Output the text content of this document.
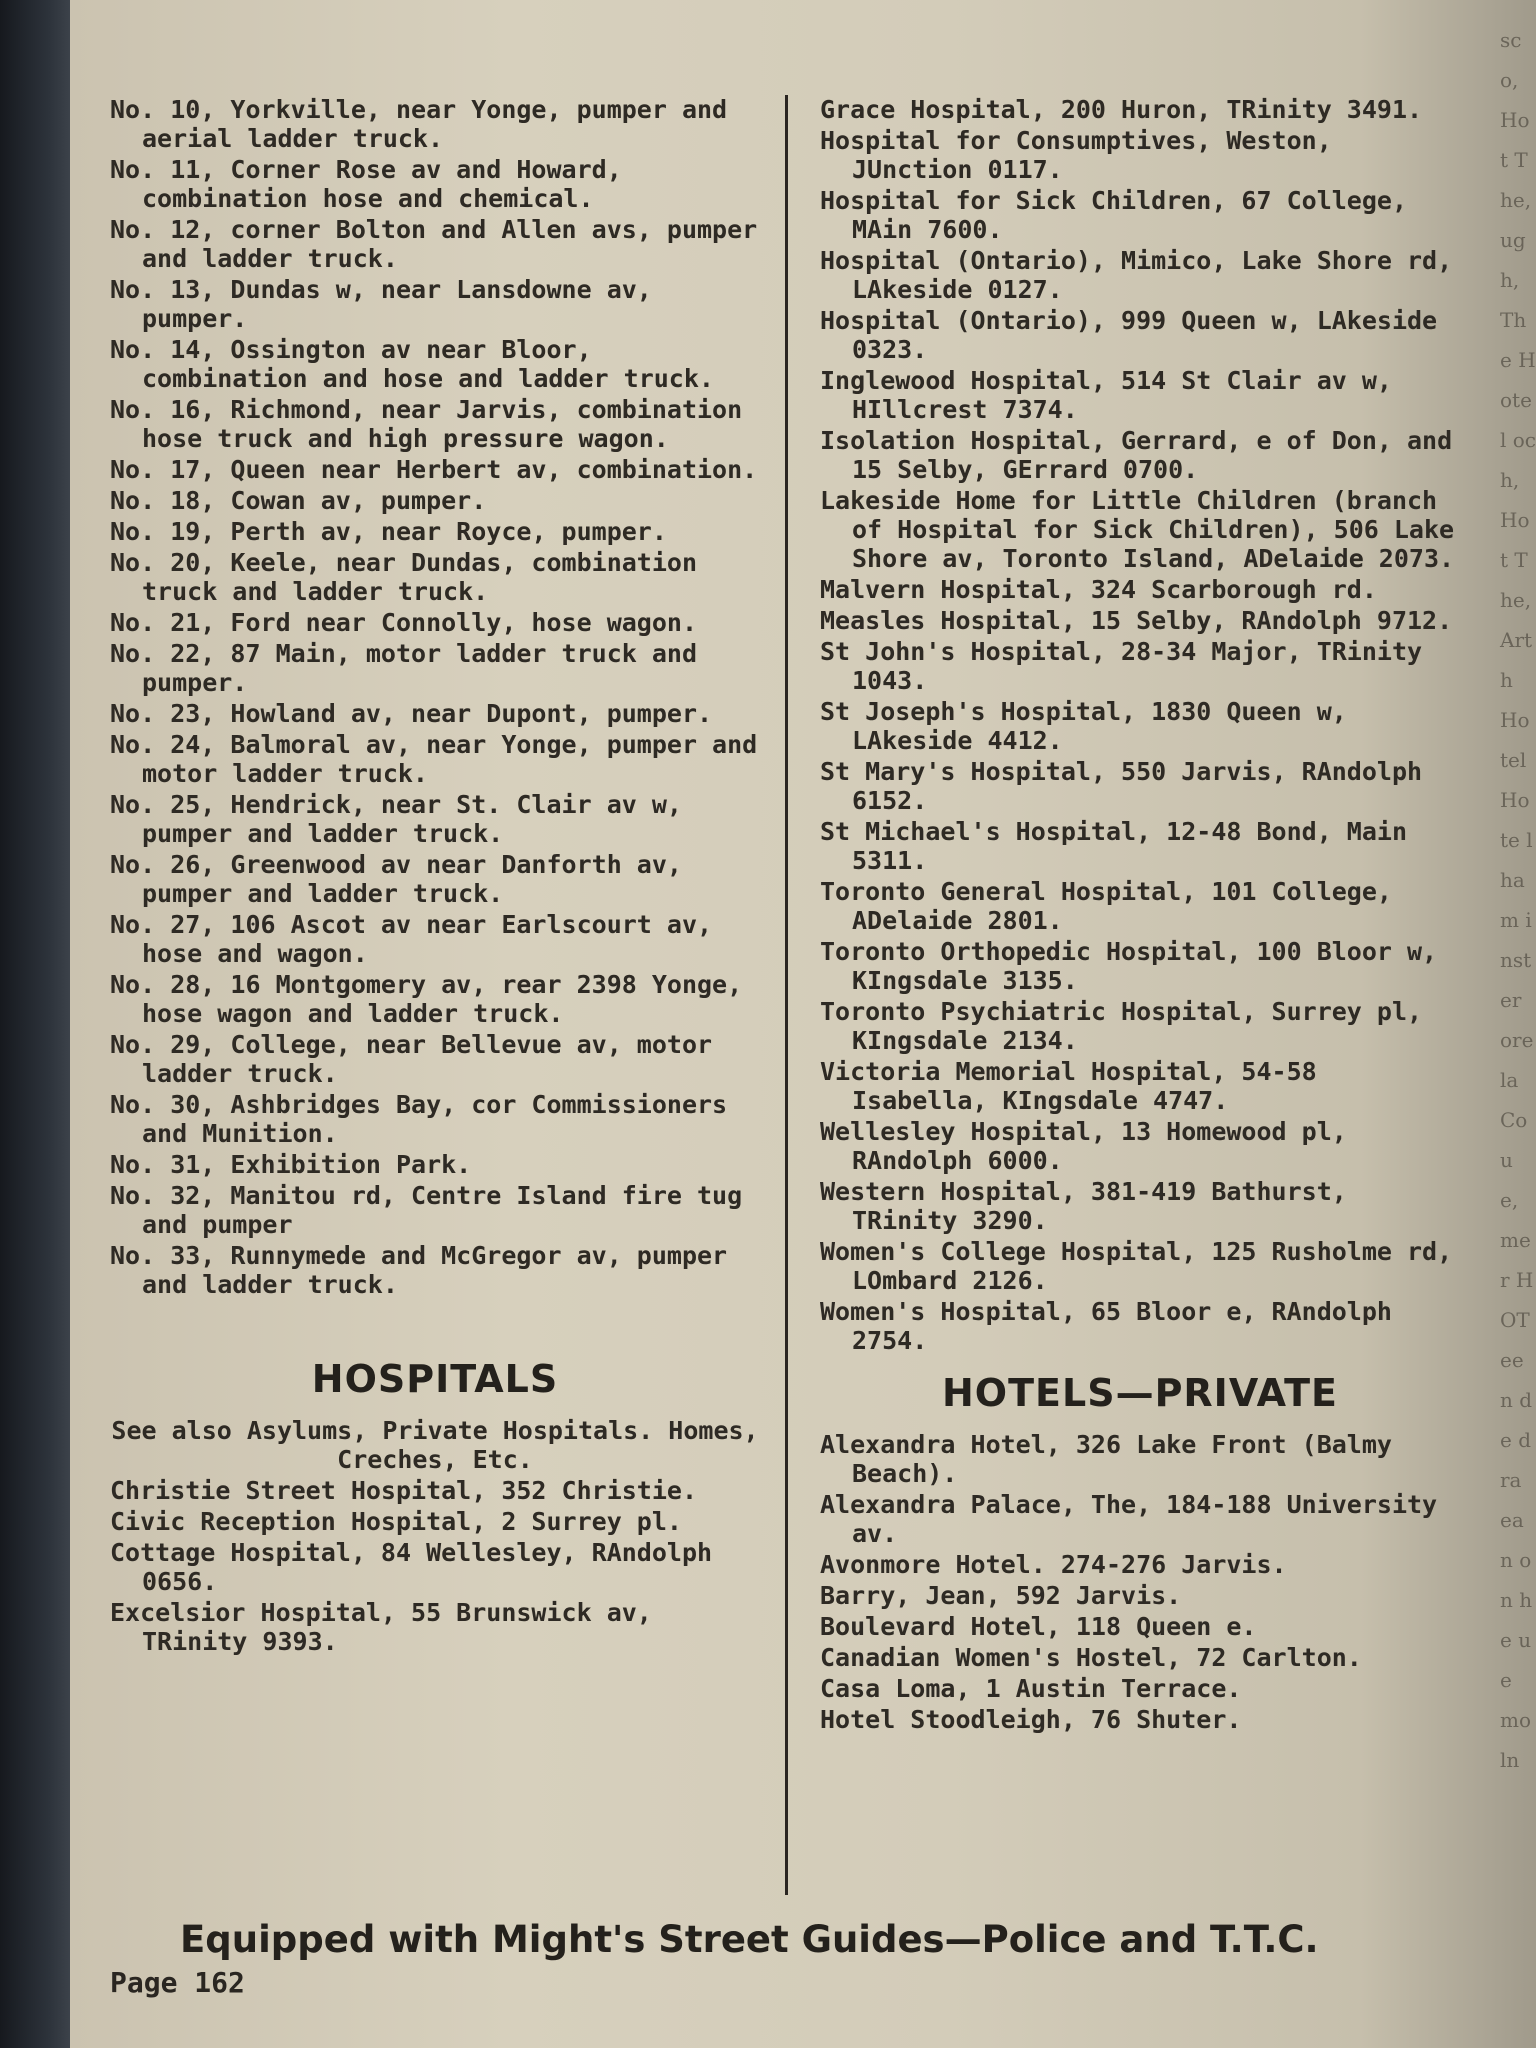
sco, Hot The, ugh, The Hotel och, Hot The, Arth Hotel Hote lham inster orela Cou e, mer HOT een de dra ean on he ue mo ln
No. 10, Yorkville, near Yonge, pumper and aerial ladder truck.
No. 11, Corner Rose av and Howard, combination hose and chemical.
No. 12, corner Bolton and Allen avs, pumper and ladder truck.
No. 13, Dundas w, near Lansdowne av, pumper.
No. 14, Ossington av near Bloor, combination and hose and ladder truck.
No. 16, Richmond, near Jarvis, combination hose truck and high pressure wagon.
No. 17, Queen near Herbert av, combination.
No. 18, Cowan av, pumper.
No. 19, Perth av, near Royce, pumper.
No. 20, Keele, near Dundas, combination truck and ladder truck.
No. 21, Ford near Connolly, hose wagon.
No. 22, 87 Main, motor ladder truck and pumper.
No. 23, Howland av, near Dupont, pumper.
No. 24, Balmoral av, near Yonge, pumper and motor ladder truck.
No. 25, Hendrick, near St. Clair av w, pumper and ladder truck.
No. 26, Greenwood av near Danforth av, pumper and ladder truck.
No. 27, 106 Ascot av near Earlscourt av, hose and wagon.
No. 28, 16 Montgomery av, rear 2398 Yonge, hose wagon and ladder truck.
No. 29, College, near Bellevue av, motor ladder truck.
No. 30, Ashbridges Bay, cor Commissioners and Munition.
No. 31, Exhibition Park.
No. 32, Manitou rd, Centre Island fire tug and pumper
No. 33, Runnymede and McGregor av, pumper and ladder truck.
HOSPITALS
See also Asylums, Private Hospitals. Homes, Creches, Etc.
Christie Street Hospital, 352 Christie.
Civic Reception Hospital, 2 Surrey pl.
Cottage Hospital, 84 Wellesley, RAndolph 0656.
Excelsior Hospital, 55 Brunswick av, TRinity 9393.
Grace Hospital, 200 Huron, TRinity 3491.
Hospital for Consumptives, Weston, JUnction 0117.
Hospital for Sick Children, 67 College, MAin 7600.
Hospital (Ontario), Mimico, Lake Shore rd, LAkeside 0127.
Hospital (Ontario), 999 Queen w, LAkeside 0323.
Inglewood Hospital, 514 St Clair av w, HIllcrest 7374.
Isolation Hospital, Gerrard, e of Don, and 15 Selby, GErrard 0700.
Lakeside Home for Little Children (branch of Hospital for Sick Children), 506 Lake Shore av, Toronto Island, ADelaide 2073.
Malvern Hospital, 324 Scarborough rd.
Measles Hospital, 15 Selby, RAndolph 9712.
St John's Hospital, 28-34 Major, TRinity 1043.
St Joseph's Hospital, 1830 Queen w, LAkeside 4412.
St Mary's Hospital, 550 Jarvis, RAndolph 6152.
St Michael's Hospital, 12-48 Bond, Main 5311.
Toronto General Hospital, 101 College, ADelaide 2801.
Toronto Orthopedic Hospital, 100 Bloor w, KIngsdale 3135.
Toronto Psychiatric Hospital, Surrey pl, KIngsdale 2134.
Victoria Memorial Hospital, 54-58 Isabella, KIngsdale 4747.
Wellesley Hospital, 13 Homewood pl, RAndolph 6000.
Western Hospital, 381-419 Bathurst, TRinity 3290.
Women's College Hospital, 125 Rusholme rd, LOmbard 2126.
Women's Hospital, 65 Bloor e, RAndolph 2754.
HOTELS—PRIVATE
Alexandra Hotel, 326 Lake Front (Balmy Beach).
Alexandra Palace, The, 184-188 University av.
Avonmore Hotel. 274-276 Jarvis.
Barry, Jean, 592 Jarvis.
Boulevard Hotel, 118 Queen e.
Canadian Women's Hostel, 72 Carlton.
Casa Loma, 1 Austin Terrace.
Hotel Stoodleigh, 76 Shuter.
Equipped with Might's Street Guides—Police and T.T.C.
Page 162
